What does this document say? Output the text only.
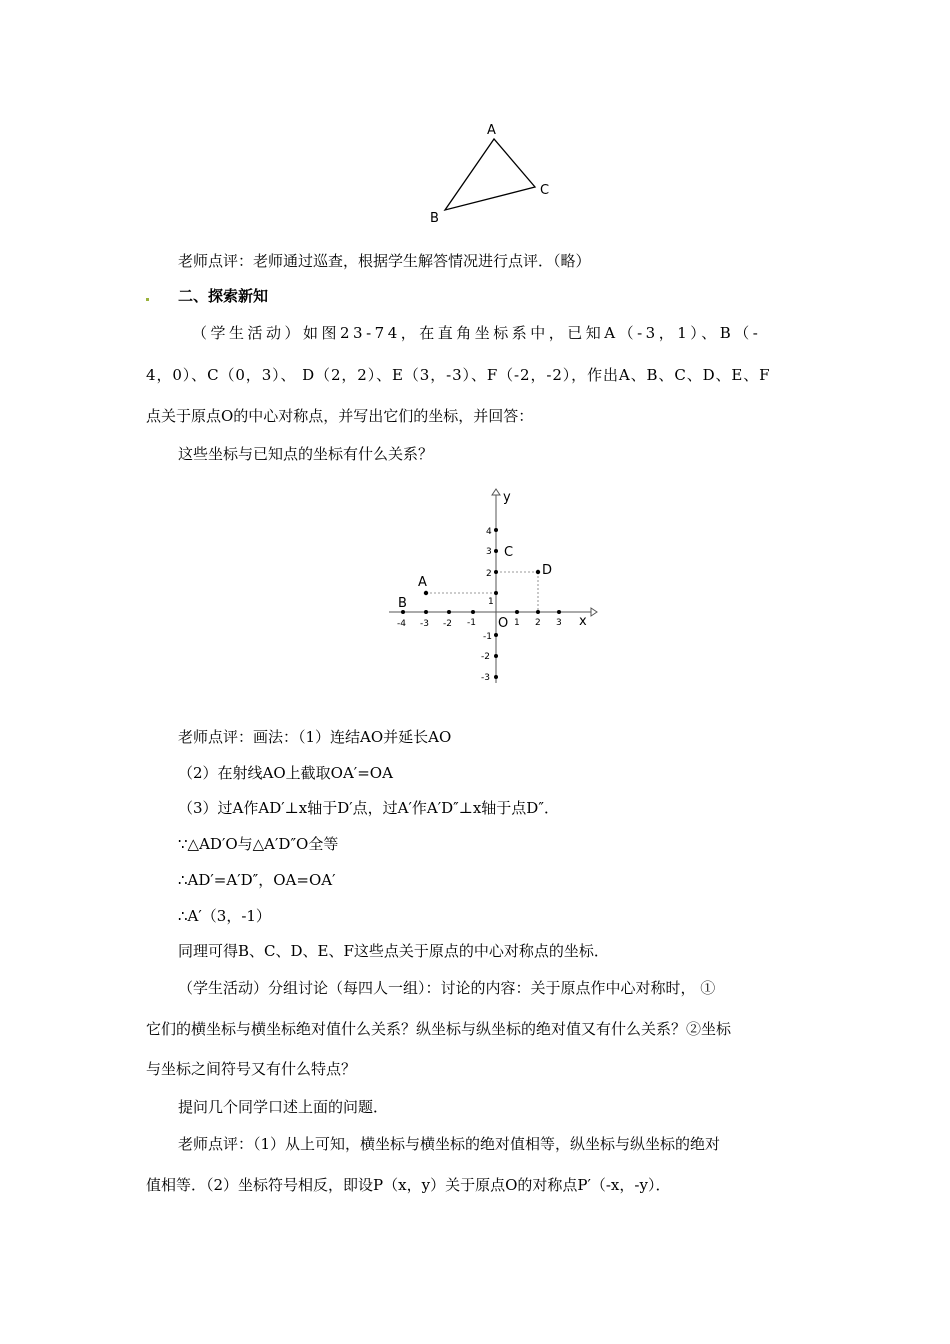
A
B
C
老师点评：老师通过巡查，根据学生解答情况进行点评．（略）
二、探索新知
（学生活动）如图23-74，在直角坐标系中，已知A（-3，1）、B（-
4，0）、C（0，3）、 D（2，2）、E（3，-3）、F（-2，-2），作出A、B、C、D、E、F
点关于原点O的中心对称点，并写出它们的坐标，并回答：
这些坐标与已知点的坐标有什么关系？
x
y
O
-4 -3 -2 -1	1 2 3
4
3
2
1
-1
-2
-3
A
B
C
D
老师点评：画法：（1）连结AO并延长AO
（2）在射线AO上截取OA′=OA
（3）过A作AD′⊥x轴于D′点，过A′作A′D″⊥x轴于点D″．
∵△AD′O与△A′D″O全等
∴AD′=A′D″，OA=OA′
∴A′（3，-1）
同理可得B、C、D、E、F这些点关于原点的中心对称点的坐标．
（学生活动）分组讨论（每四人一组）：讨论的内容：关于原点作中心对称时， ①
它们的横坐标与横坐标绝对值什么关系？纵坐标与纵坐标的绝对值又有什么关系？②坐标
与坐标之间符号又有什么特点？
提问几个同学口述上面的问题．
老师点评：（1）从上可知，横坐标与横坐标的绝对值相等，纵坐标与纵坐标的绝对
值相等．（2）坐标符号相反，即设P（x，y）关于原点O的对称点P′（-x，-y）．
